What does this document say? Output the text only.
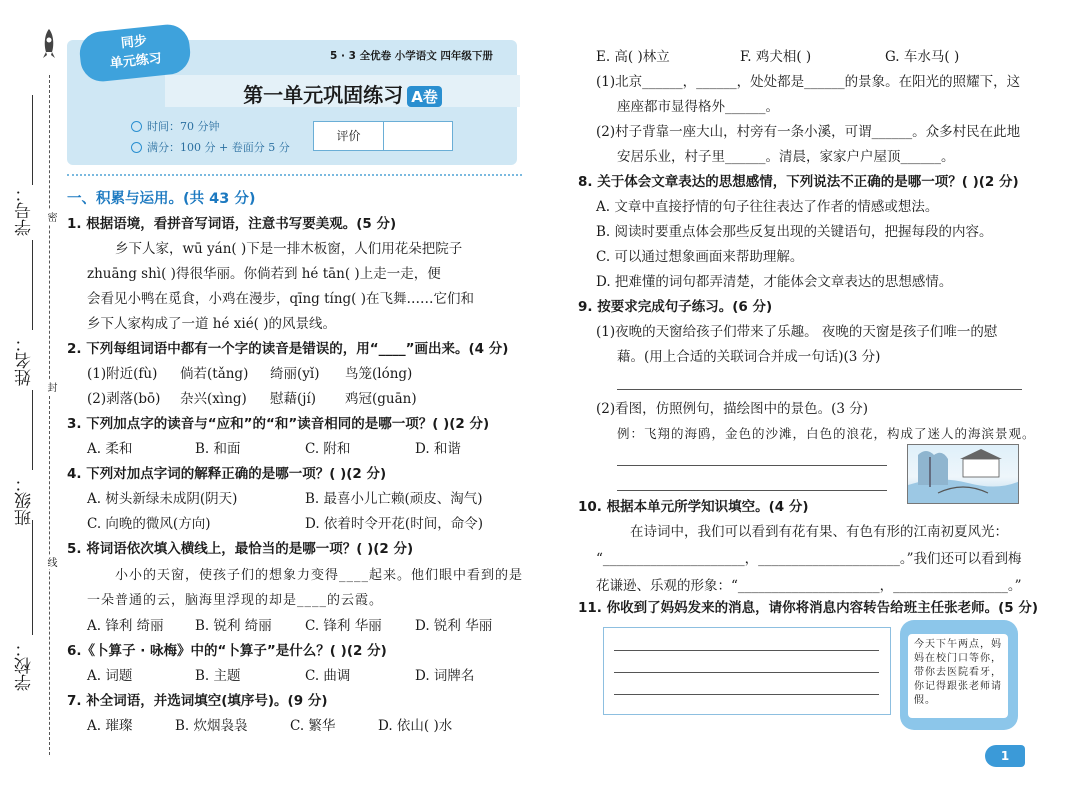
密
封
线
学号：
姓名：
班级：
学校：
同步
单元练习	5 · 3 全优卷 小学语文 四年级下册
第一单元巩固练习 A卷
时间：70 分钟
满分：100 分 + 卷面分 5 分
评价
一、积累与运用。(共 43 分)
1. 根据语境，看拼音写词语，注意书写要美观。(5 分)
乡下人家，wū yán( )下是一排木板窗，人们用花朵把院子
zhuāng shì( )得很华丽。你倘若到 hé tān( )上走一走，便
会看见小鸭在觅食，小鸡在漫步，qīng tíng( )在飞舞……它们和
乡下人家构成了一道 hé xié( )的风景线。
2. 下列每组词语中都有一个字的读音是错误的，用“____”画出来。(4 分)
(1)附近(fù) 倘若(tǎng) 绮丽(yǐ) 鸟笼(lóng)
(2)剥落(bō) 杂兴(xìng) 慰藉(jí) 鸡冠(guān)
3. 下列加点字的读音与“应和”的“和”读音相同的是哪一项？( )(2 分)
A. 柔和	B. 和面	C. 附和	D. 和谐
4. 下列对加点字词的解释正确的是哪一项？( )(2 分)
A. 树头新绿未成阴(阴天)	B. 最喜小儿亡赖(顽皮、淘气)
C. 向晚的微风(方向)	D. 依着时令开花(时间，命令)
5. 将词语依次填入横线上，最恰当的是哪一项？( )(2 分)
小小的天窗，使孩子们的想象力变得____起来。他们眼中看到的是
一朵普通的云，脑海里浮现的却是____的云霞。
A. 锋利 绮丽 B. 锐利 绮丽 C. 锋利 华丽 D. 锐利 华丽
6.《卜算子 · 咏梅》中的“卜算子”是什么？( )(2 分)
A. 词题	B. 主题	C. 曲调	D. 词牌名
7. 补全词语，并选词填空(填序号)。(9 分)
A. 璀璨	B. 炊烟袅袅	C. 繁华	D. 依山( )水
E. 高( )林立	F. 鸡犬相( )	G. 车水马( )
(1)北京______，______，处处都是______的景象。在阳光的照耀下，这
座座都市显得格外______。
(2)村子背靠一座大山，村旁有一条小溪，可谓______。众多村民在此地
安居乐业，村子里______。清晨，家家户户屋顶______。
8. 关于体会文章表达的思想感情，下列说法不正确的是哪一项？( )(2 分)
A. 文章中直接抒情的句子往往表达了作者的情感或想法。
B. 阅读时要重点体会那些反复出现的关键语句，把握每段的内容。
C. 可以通过想象画面来帮助理解。
D. 把难懂的词句都弄清楚，才能体会文章表达的思想感情。
9. 按要求完成句子练习。(6 分)
(1)夜晚的天窗给孩子们带来了乐趣。 夜晚的天窗是孩子们唯一的慰
藉。(用上合适的关联词合并成一句话)(3 分)
(2)看图，仿照例句，描绘图中的景色。(3 分)
例：飞翔的海鸥，金色的沙滩，白色的浪花，构成了迷人的海滨景观。
10. 根据本单元所学知识填空。(4 分)
在诗词中，我们可以看到有花有果、有色有形的江南初夏风光：
“_____________________，_____________________。”我们还可以看到梅
花谦逊、乐观的形象：“_____________________，_________________。”
11. 你收到了妈妈发来的消息，请你将消息内容转告给班主任张老师。(5 分)
今天下午两点，妈妈在校门口等你，带你去医院看牙，你记得跟张老师请假。
1
